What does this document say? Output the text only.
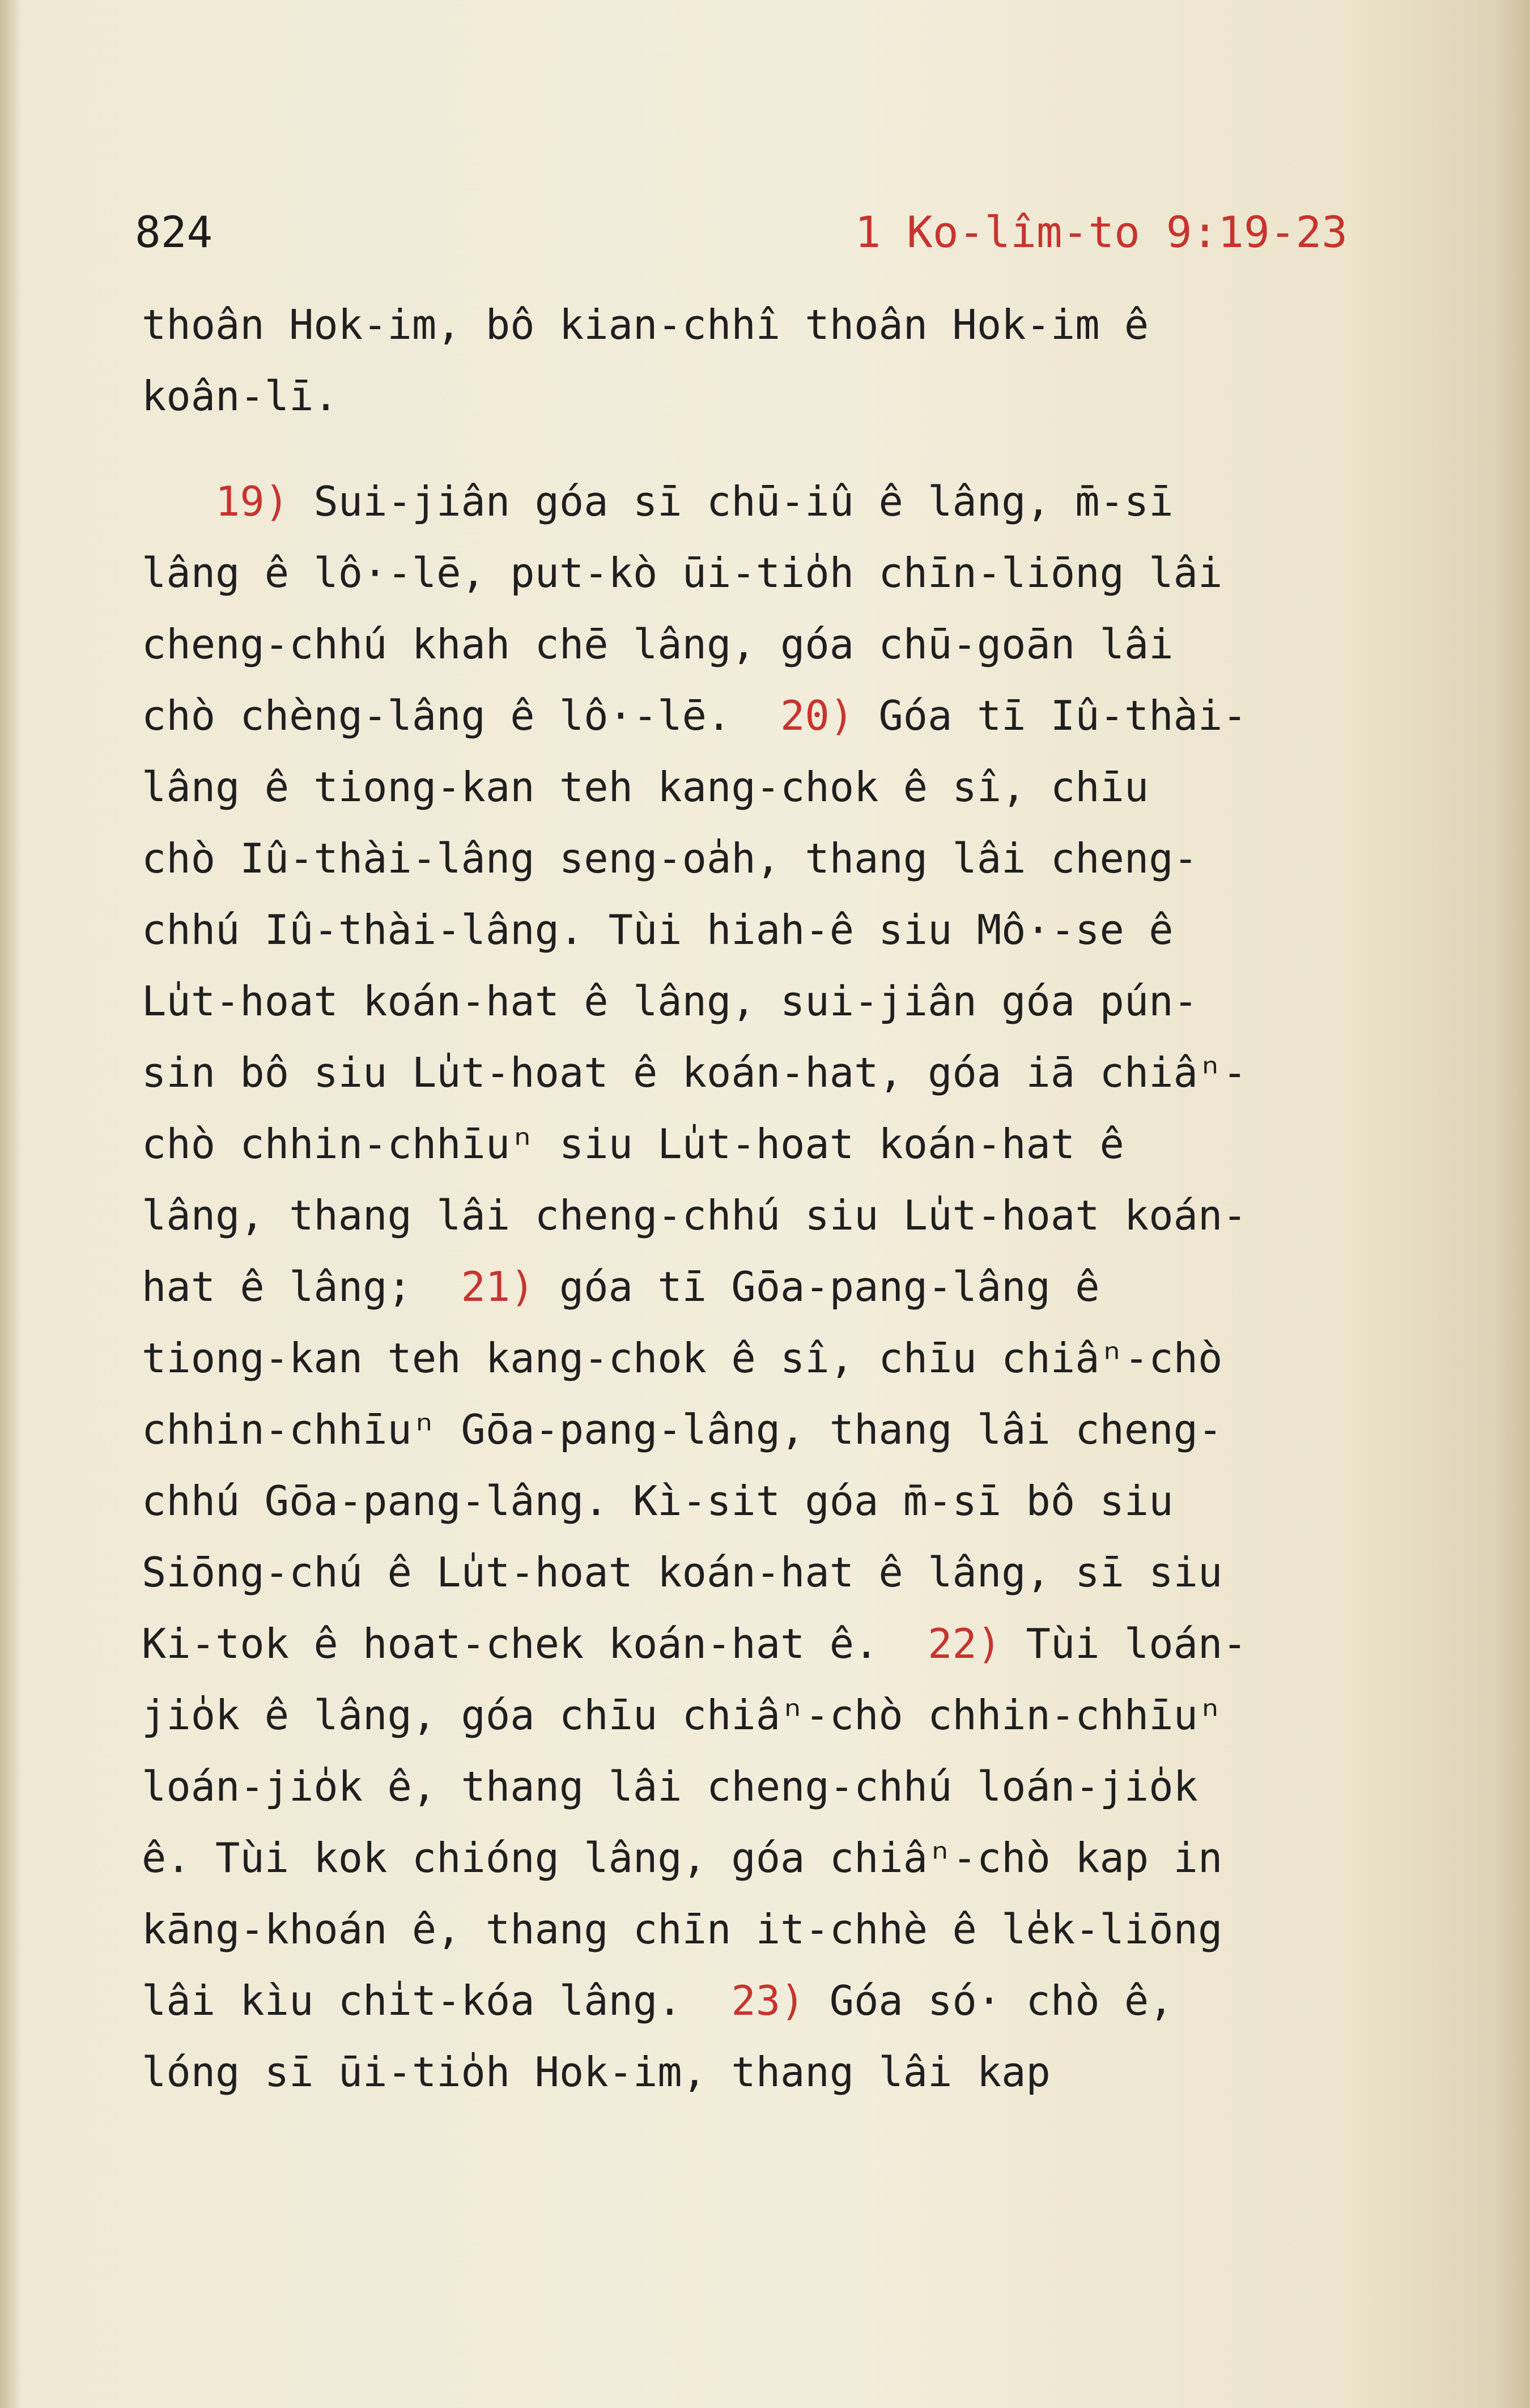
824	1 Ko-lîm-to 9:19-23
thoân Hok-im, bô kian-chhî thoân Hok-im ê
koân-lī.
19) Sui-jiân góa sī chū-iû ê lâng, m̄-sī
lâng ê lô·-lē, put-kò ūi-tio̍h chīn-liōng lâi
cheng-chhú khah chē lâng, góa chū-goān lâi
chò chèng-lâng ê lô·-lē.  20) Góa tī Iû-thài-
lâng ê tiong-kan teh kang-chok ê sî, chīu
chò Iû-thài-lâng seng-oa̍h, thang lâi cheng-
chhú Iû-thài-lâng. Tùi hiah-ê siu Mô·-se ê
Lu̍t-hoat koán-hat ê lâng, sui-jiân góa pún-
sin bô siu Lu̍t-hoat ê koán-hat, góa iā chiâⁿ-
chò chhin-chhīuⁿ siu Lu̍t-hoat koán-hat ê
lâng, thang lâi cheng-chhú siu Lu̍t-hoat koán-
hat ê lâng;  21) góa tī Gōa-pang-lâng ê
tiong-kan teh kang-chok ê sî, chīu chiâⁿ-chò
chhin-chhīuⁿ Gōa-pang-lâng, thang lâi cheng-
chhú Gōa-pang-lâng. Kì-sit góa m̄-sī bô siu
Siōng-chú ê Lu̍t-hoat koán-hat ê lâng, sī siu
Ki-tok ê hoat-chek koán-hat ê.  22) Tùi loán-
jio̍k ê lâng, góa chīu chiâⁿ-chò chhin-chhīuⁿ
loán-jio̍k ê, thang lâi cheng-chhú loán-jio̍k
ê. Tùi kok chióng lâng, góa chiâⁿ-chò kap in
kāng-khoán ê, thang chīn it-chhè ê le̍k-liōng
lâi kìu chi̍t-kóa lâng.  23) Góa só· chò ê,
lóng sī ūi-tio̍h Hok-im, thang lâi kap
